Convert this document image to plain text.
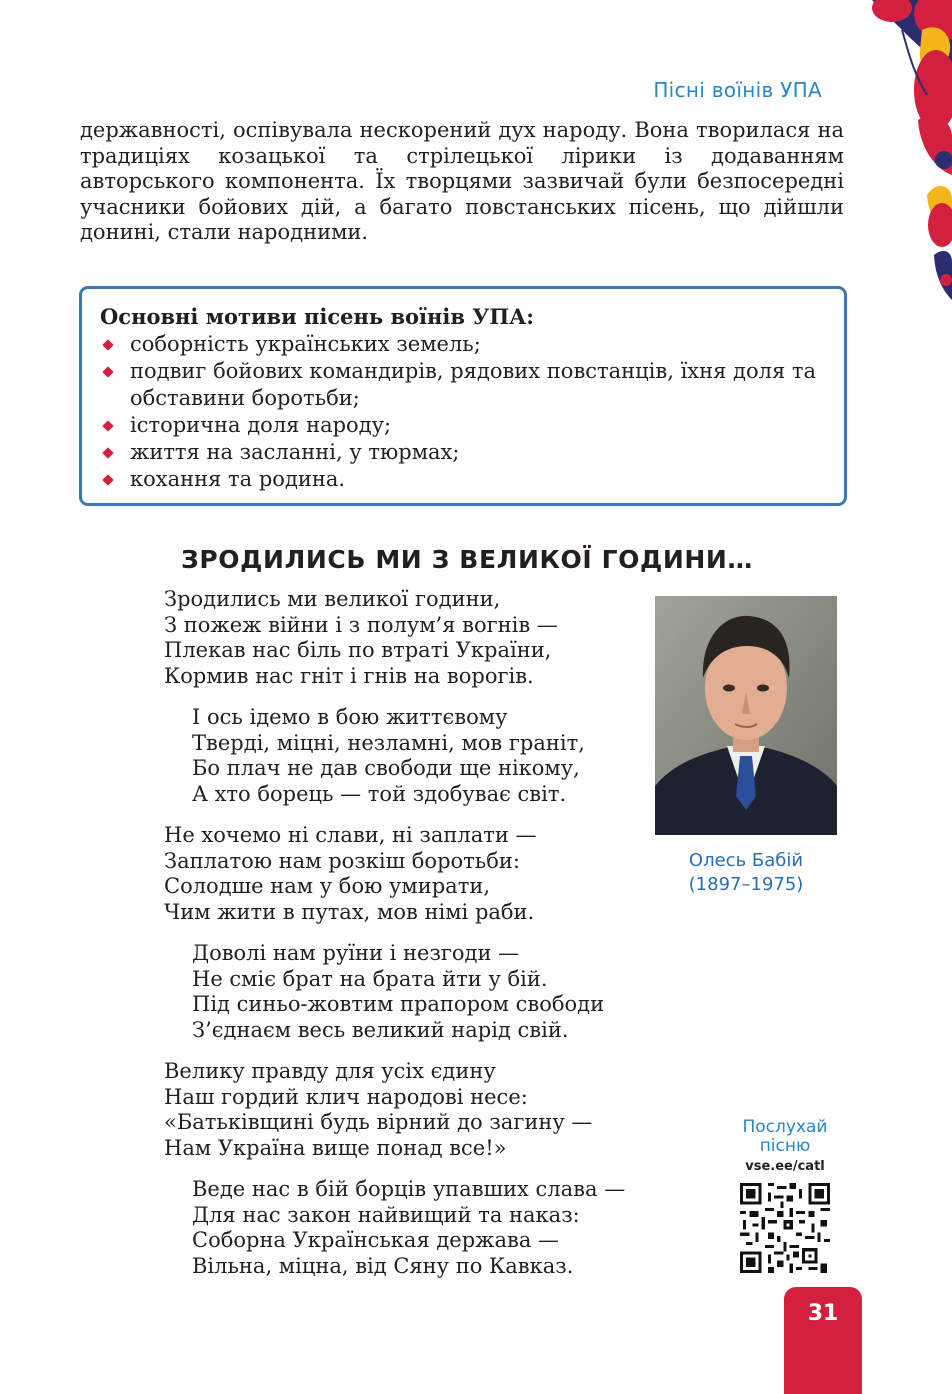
Пісні воїнів УПА

державності, оспівувала нескорений дух народу. Вона творилася на традиціях козацької та стрілецької лірики із додаванням авторського компонента. Їх творцями зазвичай були безпосередні учасники бойових дій, а багато повстанських пісень, що дійшли донині, стали народними.

Основні мотиви пісень воїнів УПА:
соборність українських земель;
подвиг бойових командирів, рядових повстанців, їхня доля та обставини боротьби;
історична доля народу;
життя на засланні, у тюрмах;
кохання та родина.
ЗРОДИЛИСЬ МИ З ВЕЛИКОЇ ГОДИНИ…
Зродились ми великої години,
З пожеж війни і з полум’я вогнів —
Плекав нас біль по втраті України,
Кормив нас гніт і гнів на ворогів.
І ось ідемо в бою життєвому
Тверді, міцні, незламні, мов граніт,
Бо плач не дав свободи ще нікому,
А хто борець — той здобуває світ.
Не хочемо ні слави, ні заплати —
Заплатою нам розкіш боротьби:
Солодше нам у бою умирати,
Чим жити в путах, мов німі раби.
Доволі нам руїни і незгоди —
Не сміє брат на брата йти у бій.
Під синьо-жовтим прапором свободи
З’єднаєм весь великий нарід свій.
Велику правду для усіх єдину
Наш гордий клич народові несе:
«Батьківщині будь вірний до загину —
Нам Україна вище понад все!»
Веде нас в бій борців упавших слава —
Для нас закон найвищий та наказ:
Соборна Українськая держава —
Вільна, міцна, від Сяну по Кавказ.
Олесь Бабій
(1897–1975)
Послухай
пісню
vse.ee/catl
31
